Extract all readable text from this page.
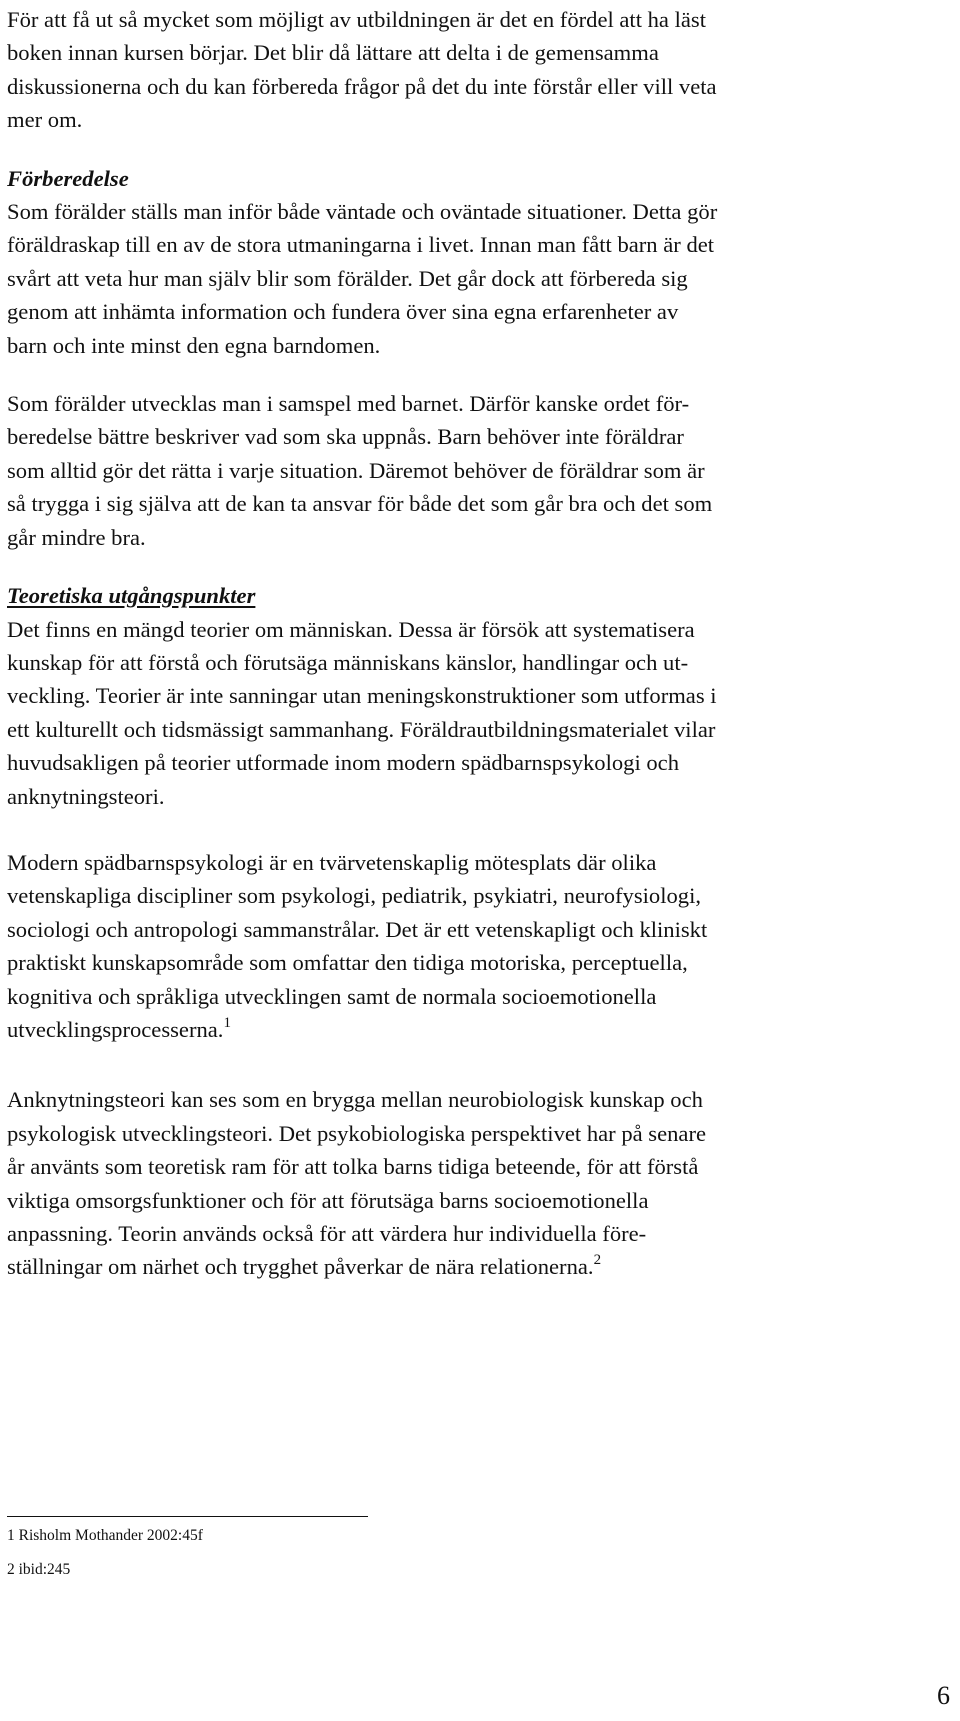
För att få ut så mycket som möjligt av utbildningen är det en fördel att ha läst
boken innan kursen börjar. Det blir då lättare att delta i de gemensamma
diskussionerna och du kan förbereda frågor på det du inte förstår eller vill veta
mer om.

Förberedelse

Som förälder ställs man inför både väntade och oväntade situationer. Detta gör
föräldraskap till en av de stora utmaningarna i livet. Innan man fått barn är det
svårt att veta hur man själv blir som förälder. Det går dock att förbereda sig
genom att inhämta information och fundera över sina egna erfarenheter av
barn och inte minst den egna barndomen.

Som förälder utvecklas man i samspel med barnet. Därför kanske ordet för-
beredelse bättre beskriver vad som ska uppnås. Barn behöver inte föräldrar
som alltid gör det rätta i varje situation. Däremot behöver de föräldrar som är
så trygga i sig själva att de kan ta ansvar för både det som går bra och det som
går mindre bra.

Teoretiska utgångspunkter

Det finns en mängd teorier om människan. Dessa är försök att systematisera
kunskap för att förstå och förutsäga människans känslor, handlingar och ut-
veckling. Teorier är inte sanningar utan meningskonstruktioner som utformas i
ett kulturellt och tidsmässigt sammanhang. Föräldrautbildningsmaterialet vilar
huvudsakligen på teorier utformade inom modern spädbarnspsykologi och
anknytningsteori.

Modern spädbarnspsykologi är en tvärvetenskaplig mötesplats där olika
vetenskapliga discipliner som psykologi, pediatrik, psykiatri, neurofysiologi,
sociologi och antropologi sammanstrålar. Det är ett vetenskapligt och kliniskt
praktiskt kunskapsområde som omfattar den tidiga motoriska, perceptuella,
kognitiva och språkliga utvecklingen samt de normala socioemotionella
utvecklingsprocesserna.$^1$

Anknytningsteori kan ses som en brygga mellan neurobiologisk kunskap och
psykologisk utvecklingsteori. Det psykobiologiska perspektivet har på senare
år använts som teoretisk ram för att tolka barns tidiga beteende, för att förstå
viktiga omsorgsfunktioner och för att förutsäga barns socioemotionella
anpassning. Teorin används också för att värdera hur individuella före-
ställningar om närhet och trygghet påverkar de nära relationerna.$^2$

1 Risholm Mothander 2002:45f
2 ibid:245
6
